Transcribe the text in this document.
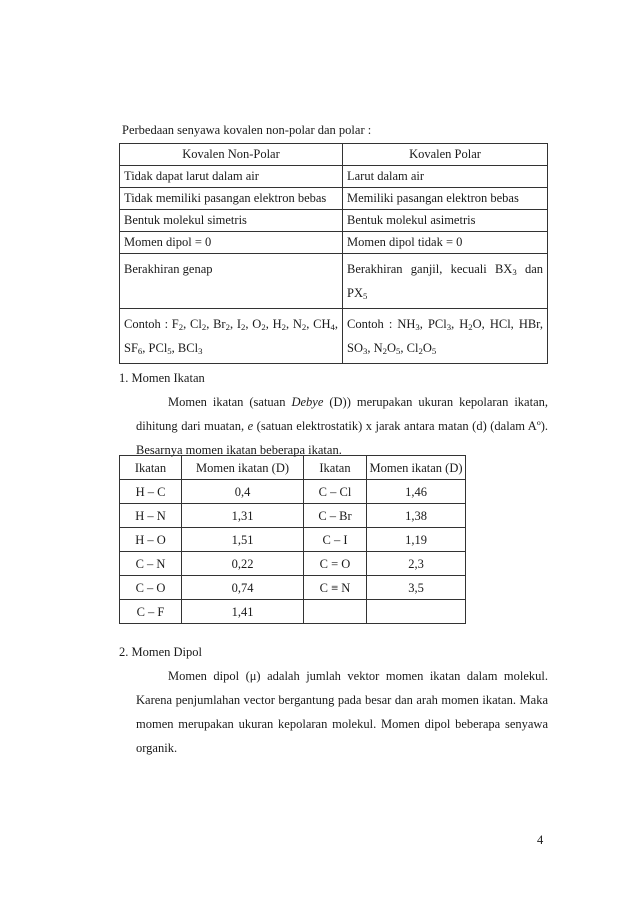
Perbedaan senyawa kovalen non-polar dan polar :
Kovalen Non-Polar	Kovalen Polar
Tidak dapat larut dalam air	Larut dalam air
Tidak memiliki pasangan elektron bebas	Memiliki pasangan elektron bebas
Bentuk molekul simetris	Bentuk molekul asimetris
Momen dipol = 0	Momen dipol tidak = 0
Berakhiran genap	Berakhiran ganjil, kecuali $BX_3$ dan $PX_5$
Contoh : $F_2$, $Cl_2$, $Br_2$, $I_2$, $O_2$, $H_2$, $N_2$, $CH_4$, $SF_6$, PCl$_5$, BCl$_3$	Contoh : $NH_3$, PCl$_3$, $H_2O$, HCl, HBr, $SO_3$, $N_2O_5$, $Cl_2O_5$
1. Momen Ikatan
Momen ikatan (satuan Debye (D)) merupakan ukuran kepolaran ikatan, dihitung dari muatan, e (satuan elektrostatik) x jarak antara matan (d) (dalam Aº). Besarnya momen ikatan beberapa ikatan.
Ikatan	Momen ikatan (D)	Ikatan	Momen ikatan (D)
H – C	0,4	C – Cl	1,46
H – N	1,31	C – Br	1,38
H – O	1,51	C – I	1,19
C – N	0,22	C = O	2,3
C – O	0,74	C ≡ N	3,5
C – F	1,41		
2. Momen Dipol
Momen dipol (μ) adalah jumlah vektor momen ikatan dalam molekul. Karena penjumlahan vector bergantung pada besar dan arah momen ikatan. Maka momen merupakan ukuran kepolaran molekul. Momen dipol beberapa senyawa organik.
4
